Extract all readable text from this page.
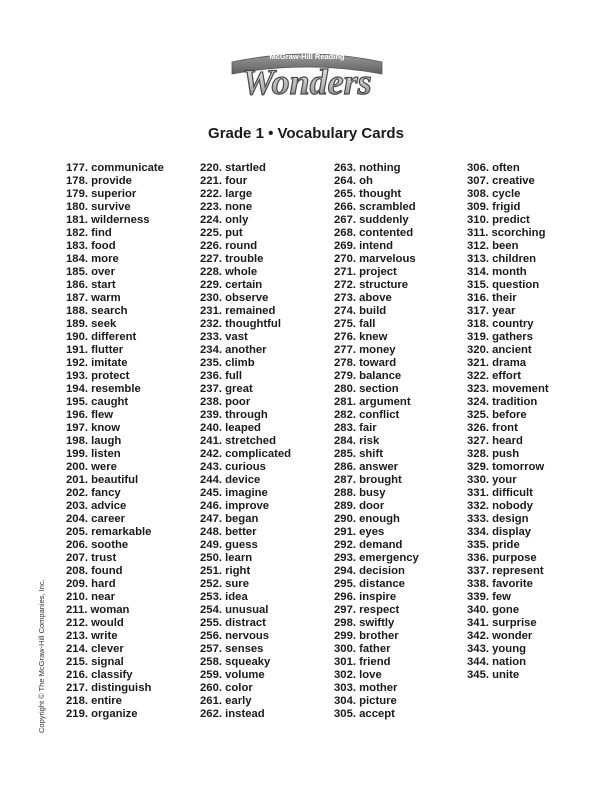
McGraw-Hill Reading
Wonders
Grade 1 • Vocabulary Cards
177. communicate
178. provide
179. superior
180. survive
181. wilderness
182. find
183. food
184. more
185. over
186. start
187. warm
188. search
189. seek
190. different
191. flutter
192. imitate
193. protect
194. resemble
195. caught
196. flew
197. know
198. laugh
199. listen
200. were
201. beautiful
202. fancy
203. advice
204. career
205. remarkable
206. soothe
207. trust
208. found
209. hard
210. near
211. woman
212. would
213. write
214. clever
215. signal
216. classify
217. distinguish
218. entire
219. organize
220. startled
221. four
222. large
223. none
224. only
225. put
226. round
227. trouble
228. whole
229. certain
230. observe
231. remained
232. thoughtful
233. vast
234. another
235. climb
236. full
237. great
238. poor
239. through
240. leaped
241. stretched
242. complicated
243. curious
244. device
245. imagine
246. improve
247. began
248. better
249. guess
250. learn
251. right
252. sure
253. idea
254. unusual
255. distract
256. nervous
257. senses
258. squeaky
259. volume
260. color
261. early
262. instead
263. nothing
264. oh
265. thought
266. scrambled
267. suddenly
268. contented
269. intend
270. marvelous
271. project
272. structure
273. above
274. build
275. fall
276. knew
277. money
278. toward
279. balance
280. section
281. argument
282. conflict
283. fair
284. risk
285. shift
286. answer
287. brought
288. busy
289. door
290. enough
291. eyes
292. demand
293. emergency
294. decision
295. distance
296. inspire
297. respect
298. swiftly
299. brother
300. father
301. friend
302. love
303. mother
304. picture
305. accept
306. often
307. creative
308. cycle
309. frigid
310. predict
311. scorching
312. been
313. children
314. month
315. question
316. their
317. year
318. country
319. gathers
320. ancient
321. drama
322. effort
323. movement
324. tradition
325. before
326. front
327. heard
328. push
329. tomorrow
330. your
331. difficult
332. nobody
333. design
334. display
335. pride
336. purpose
337. represent
338. favorite
339. few
340. gone
341. surprise
342. wonder
343. young
344. nation
345. unite
Copyright © The McGraw-Hill Companies, Inc.
